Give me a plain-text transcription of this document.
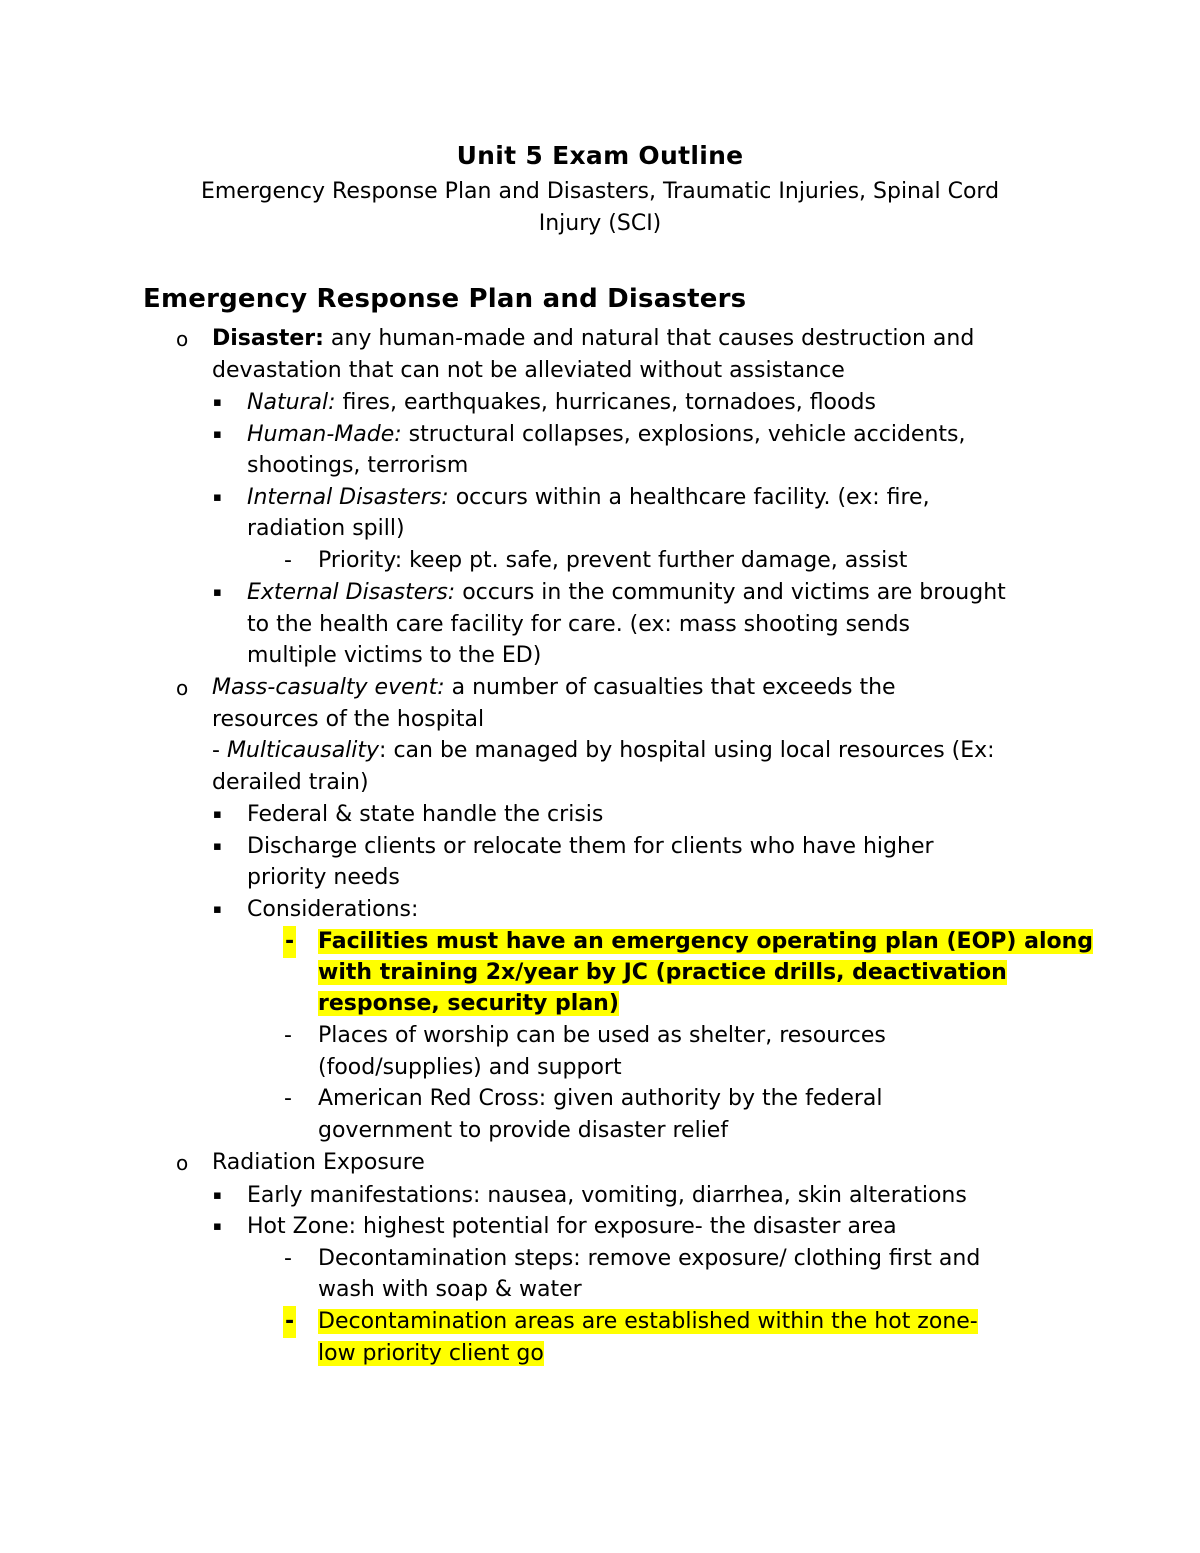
Unit 5 Exam Outline
Emergency Response Plan and Disasters, Traumatic Injuries, Spinal Cord
Injury (SCI)
Emergency Response Plan and Disasters
o Disaster: any human-made and natural that causes destruction and
devastation that can not be alleviated without assistance
▪ Natural: fires, earthquakes, hurricanes, tornadoes, floods
▪ Human-Made: structural collapses, explosions, vehicle accidents,
shootings, terrorism
▪ Internal Disasters: occurs within a healthcare facility. (ex: fire,
radiation spill)
- Priority: keep pt. safe, prevent further damage, assist
▪ External Disasters: occurs in the community and victims are brought
to the health care facility for care. (ex: mass shooting sends
multiple victims to the ED)
o Mass-casualty event: a number of casualties that exceeds the
resources of the hospital
- Multicausality: can be managed by hospital using local resources (Ex:
derailed train)
▪ Federal & state handle the crisis
▪ Discharge clients or relocate them for clients who have higher
priority needs
▪ Considerations:
- Facilities must have an emergency operating plan (EOP) along
with training 2x/year by JC (practice drills, deactivation
response, security plan)
- Places of worship can be used as shelter, resources
(food/supplies) and support
- American Red Cross: given authority by the federal
government to provide disaster relief
o Radiation Exposure
▪ Early manifestations: nausea, vomiting, diarrhea, skin alterations
▪ Hot Zone: highest potential for exposure- the disaster area
- Decontamination steps: remove exposure/ clothing first and
wash with soap & water
- Decontamination areas are established within the hot zone-
low priority client go
